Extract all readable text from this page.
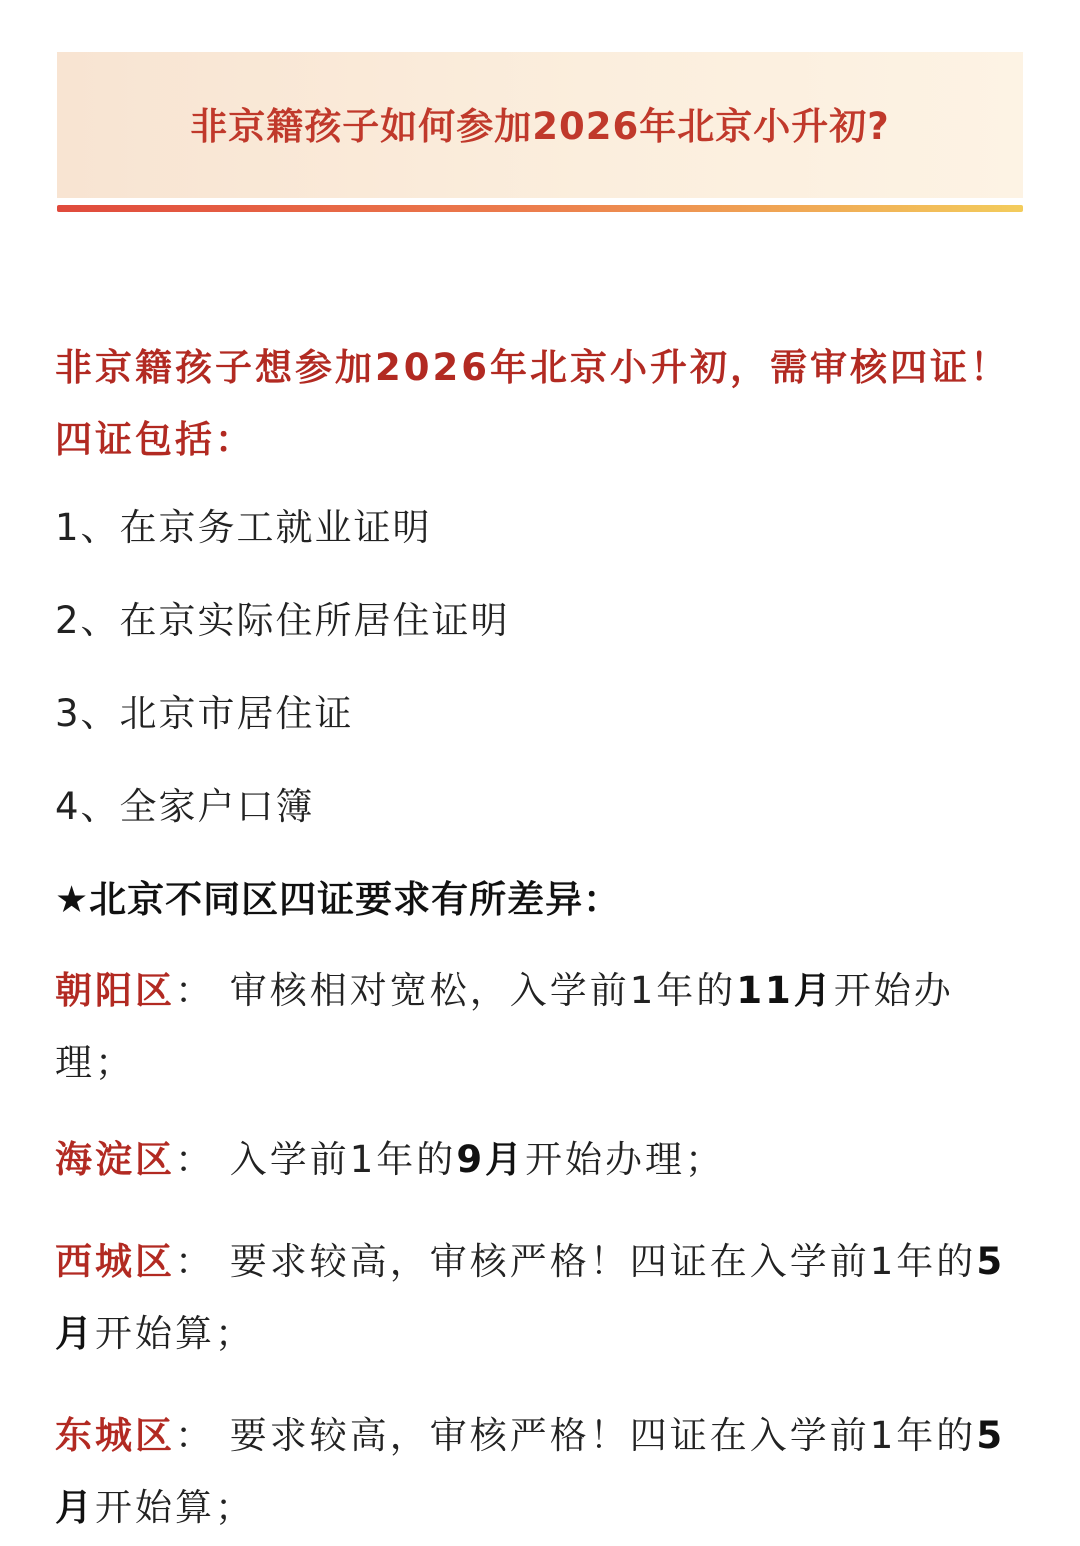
非京籍孩子如何参加2026年北京小升初?
非京籍孩子想参加2026年北京小升初，需审核四证！四证包括：
1、在京务工就业证明
2、在京实际住所居住证明
3、北京市居住证
4、全家户口簿
★北京不同区四证要求有所差异：
朝阳区： 审核相对宽松，入学前1年的11月开始办理；
海淀区： 入学前1年的9月开始办理；
西城区： 要求较高，审核严格！四证在入学前1年的5月开始算；
东城区： 要求较高，审核严格！四证在入学前1年的5月开始算；
